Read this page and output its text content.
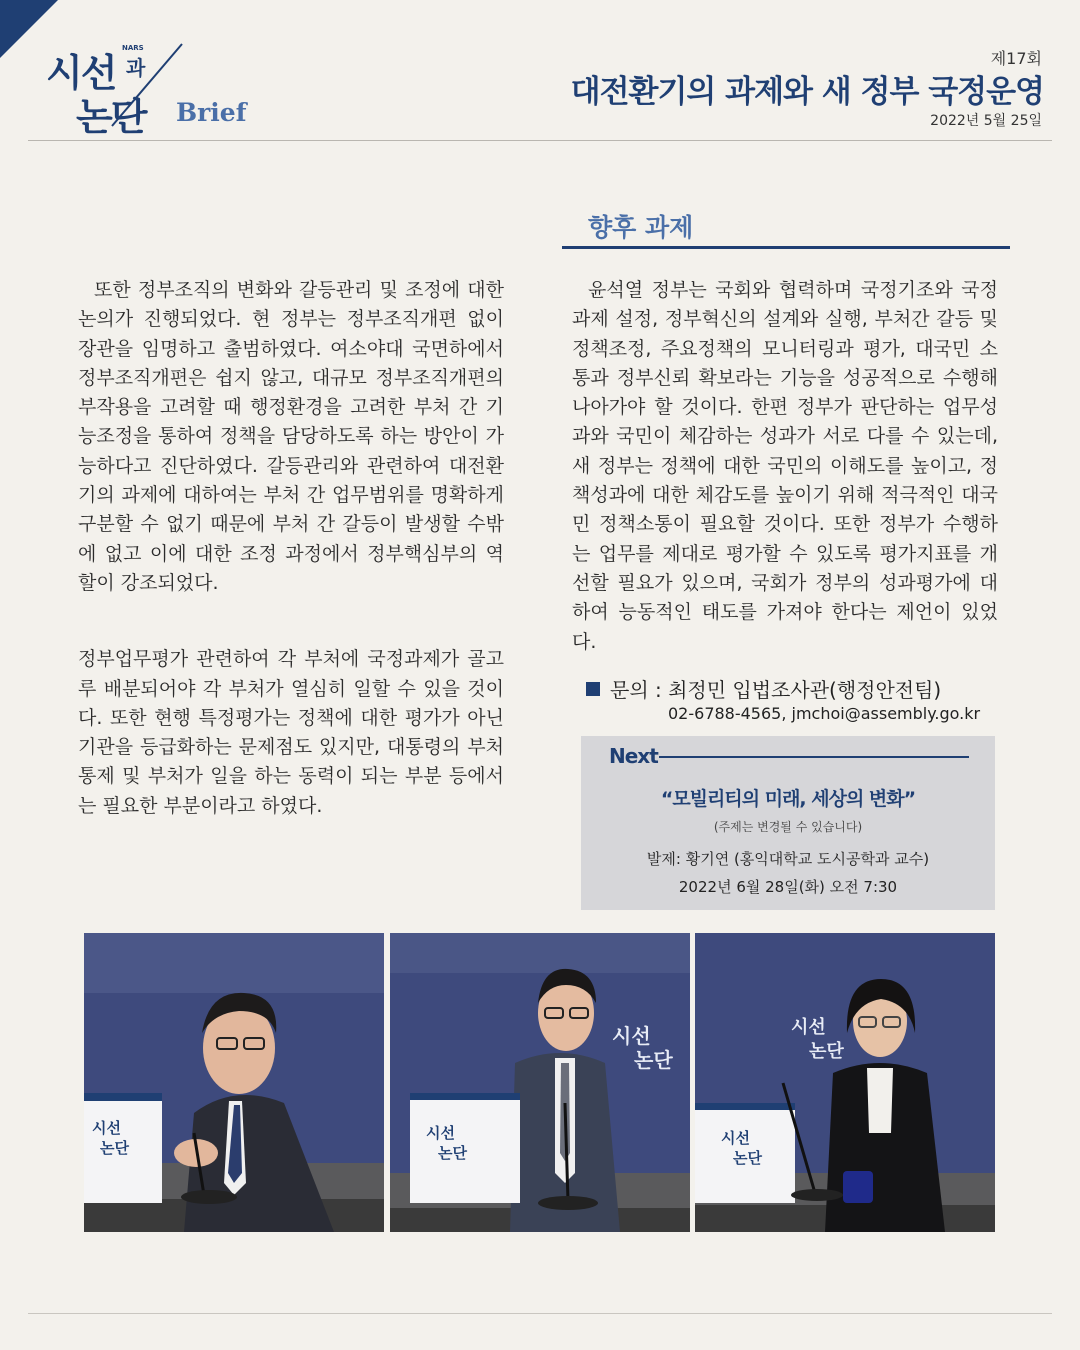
시선
NARS
과
논단 Brief
제17회
대전환기의 과제와 새 정부 국정운영
2022년 5월 25일

또한 정부조직의 변화와 갈등관리 및 조정에 대한 논의가 진행되었다. 현 정부는 정부조직개편 없이 장관을 임명하고 출범하였다. 여소야대 국면하에서 정부조직개편은 쉽지 않고, 대규모 정부조직개편의 부작용을 고려할 때 행정환경을 고려한 부처 간 기능조정을 통하여 정책을 담당하도록 하는 방안이 가능하다고 진단하였다. 갈등관리와 관련하여 대전환기의 과제에 대하여는 부처 간 업무범위를 명확하게 구분할 수 없기 때문에 부처 간 갈등이 발생할 수밖에 없고 이에 대한 조정 과정에서 정부핵심부의 역할이 강조되었다.

정부업무평가 관련하여 각 부처에 국정과제가 골고루 배분되어야 각 부처가 열심히 일할 수 있을 것이다. 또한 현행 특정평가는 정책에 대한 평가가 아닌 기관을 등급화하는 문제점도 있지만, 대통령의 부처 통제 및 부처가 일을 하는 동력이 되는 부분 등에서는 필요한 부분이라고 하였다.

향후 과제

윤석열 정부는 국회와 협력하며 국정기조와 국정과제 설정, 정부혁신의 설계와 실행, 부처간 갈등 및 정책조정, 주요정책의 모니터링과 평가, 대국민 소통과 정부신뢰 확보라는 기능을 성공적으로 수행해 나아가야 할 것이다. 한편 정부가 판단하는 업무성과와 국민이 체감하는 성과가 서로 다를 수 있는데, 새 정부는 정책에 대한 국민의 이해도를 높이고, 정책성과에 대한 체감도를 높이기 위해 적극적인 대국민 정책소통이 필요할 것이다. 또한 정부가 수행하는 업무를 제대로 평가할 수 있도록 평가지표를 개선할 필요가 있으며, 국회가 정부의 성과평가에 대하여 능동적인 태도를 가져야 한다는 제언이 있었다.

문의 : 최정민 입법조사관(행정안전팀)
02-6788-4565, jmchoi@assembly.go.kr
Next
“모빌리티의 미래, 세상의 변화”
(주제는 변경될 수 있습니다)
발제: 황기연 (홍익대학교 도시공학과 교수)
2022년 6월 28일(화) 오전 7:30
시선
논단
시선
논단
시선
논단
시선
논단
시선
논단
